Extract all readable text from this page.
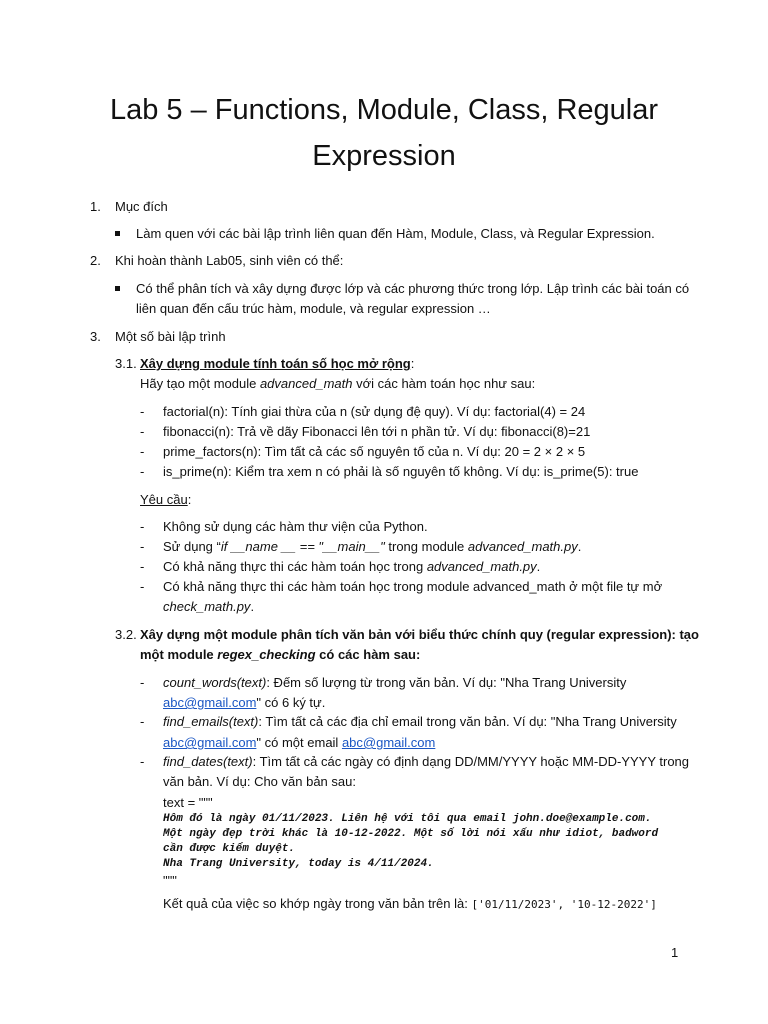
Lab 5 – Functions, Module, Class, Regular
Expression
1. Mục đích
Làm quen với các bài lập trình liên quan đến Hàm, Module, Class, và Regular Expression.
2. Khi hoàn thành Lab05, sinh viên có thể:
Có thể phân tích và xây dựng được lớp và các phương thức trong lớp. Lập trình các bài toán có
liên quan đến cấu trúc hàm, module, và regular expression …
3. Một số bài lập trình
3.1. Xây dựng module tính toán số học mở rộng:
Hãy tạo một module advanced_math với các hàm toán học như sau:
- factorial(n): Tính giai thừa của n (sử dụng đệ quy). Ví dụ: factorial(4) = 24
- fibonacci(n): Trả về dãy Fibonacci lên tới n phần tử. Ví dụ: fibonacci(8)=21
- prime_factors(n): Tìm tất cả các số nguyên tố của n. Ví dụ: 20 = 2 × 2 × 5
- is_prime(n): Kiểm tra xem n có phải là số nguyên tố không. Ví dụ: is_prime(5): true
Yêu cầu:
- Không sử dụng các hàm thư viện của Python.
- Sử dụng “if __name __ == "__main__" trong module advanced_math.py.
- Có khả năng thực thi các hàm toán học trong advanced_math.py.
- Có khả năng thực thi các hàm toán học trong module advanced_math ở một file tự mở
check_math.py.
3.2. Xây dựng một module phân tích văn bản với biểu thức chính quy (regular expression): tạo
một module regex_checking có các hàm sau:
- count_words(text): Đếm số lượng từ trong văn bản. Ví dụ: "Nha Trang University
abc@gmail.com" có 6 ký tự.
- find_emails(text): Tìm tất cả các địa chỉ email trong văn bản. Ví dụ: "Nha Trang University
abc@gmail.com" có một email abc@gmail.com
- find_dates(text): Tìm tất cả các ngày có định dạng DD/MM/YYYY hoặc MM-DD-YYYY trong
văn bản. Ví dụ: Cho văn bản sau:
text = """
Hôm đó là ngày 01/11/2023. Liên hệ với tôi qua email john.doe@example.com.
Một ngày đẹp trời khác là 10-12-2022. Một số lời nói xấu như idiot, badword
cần được kiểm duyệt.
Nha Trang University, today is 4/11/2024.
"""
Kết quả của việc so khớp ngày trong văn bản trên là: ['01/11/2023', '10-12-2022']
1
